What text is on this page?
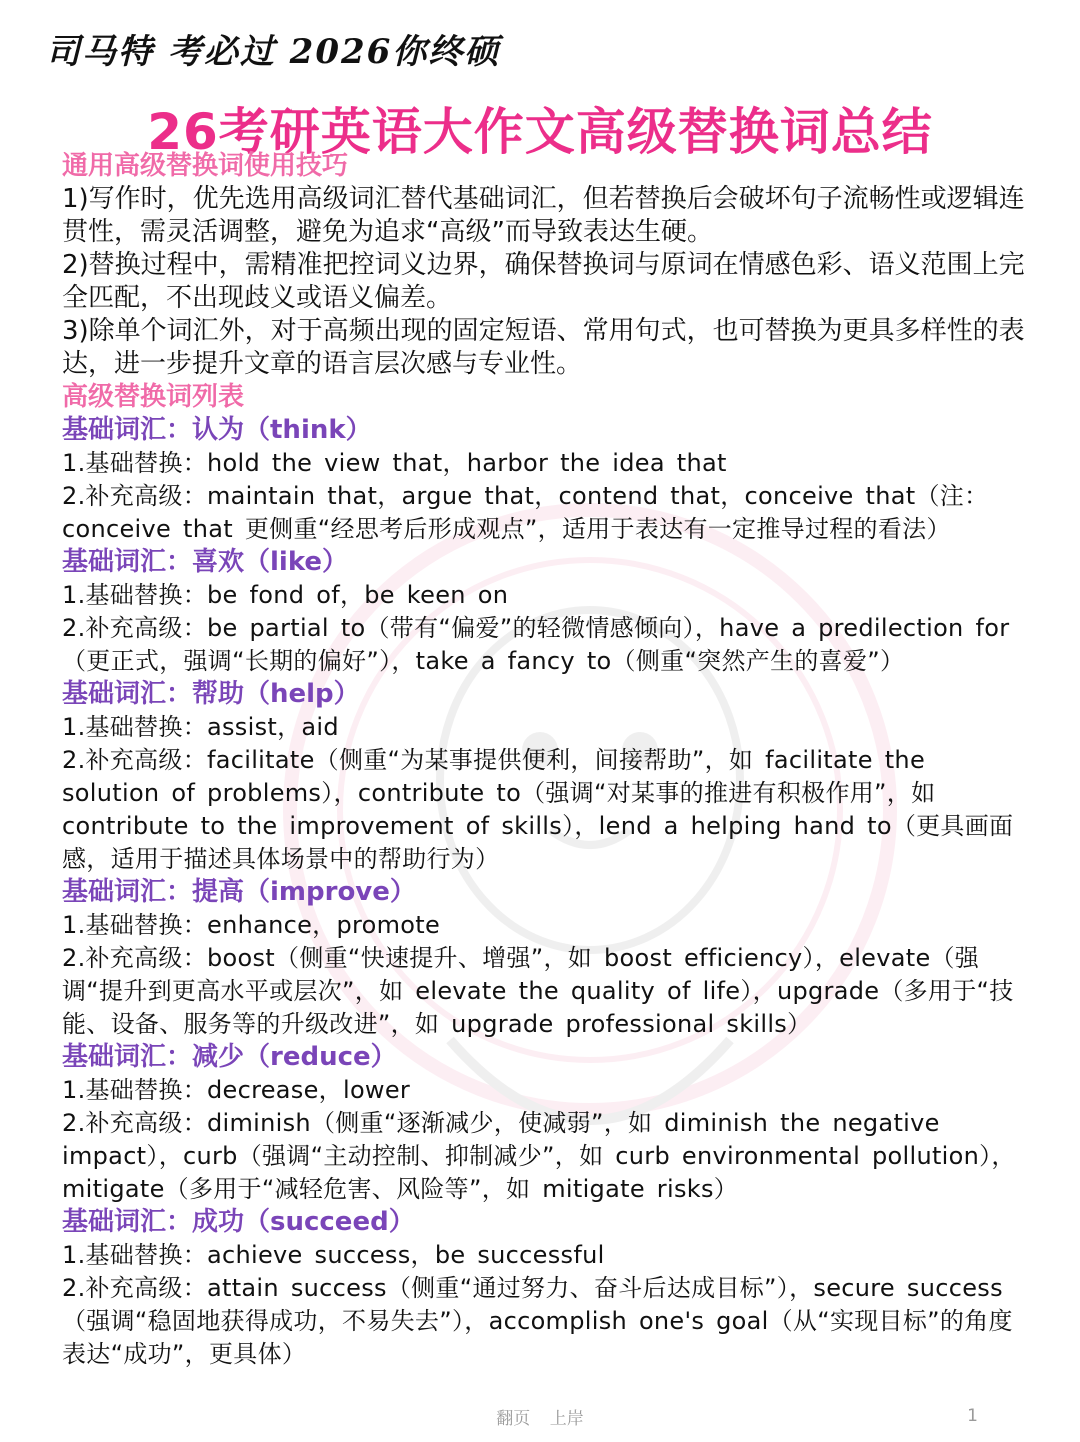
司马特 考必过 2026你终硕
26考研英语大作文高级替换词总结
通用高级替换词使用技巧
1)写作时，优先选用高级词汇替代基础词汇，但若替换后会破坏句子流畅性或逻辑连贯性，需灵活调整，避免为追求“高级”而导致表达生硬。
2)替换过程中，需精准把控词义边界，确保替换词与原词在情感色彩、语义范围上完全匹配，不出现歧义或语义偏差。
3)除单个词汇外，对于高频出现的固定短语、常用句式，也可替换为更具多样性的表达，进一步提升文章的语言层次感与专业性。
高级替换词列表
基础词汇：认为（think）
1.基础替换：hold the view that，harbor the idea that
2.补充高级：maintain that，argue that，contend that，conceive that（注：conceive that 更侧重“经思考后形成观点”，适用于表达有一定推导过程的看法）
基础词汇：喜欢（like）
1.基础替换：be fond of，be keen on
2.补充高级：be partial to（带有“偏爱”的轻微情感倾向），have a predilection for（更正式，强调“长期的偏好”），take a fancy to（侧重“突然产生的喜爱”）
基础词汇：帮助（help）
1.基础替换：assist，aid
2.补充高级：facilitate（侧重“为某事提供便利，间接帮助”，如 facilitate the solution of problems），contribute to（强调“对某事的推进有积极作用”，如 contribute to the improvement of skills），lend a helping hand to（更具画面感，适用于描述具体场景中的帮助行为）
基础词汇：提高（improve）
1.基础替换：enhance，promote
2.补充高级：boost（侧重“快速提升、增强”，如 boost efficiency），elevate（强调“提升到更高水平或层次”，如 elevate the quality of life），upgrade（多用于“技能、设备、服务等的升级改进”，如 upgrade professional skills）
基础词汇：减少（reduce）
1.基础替换：decrease，lower
2.补充高级：diminish（侧重“逐渐减少，使减弱”，如 diminish the negative impact），curb（强调“主动控制、抑制减少”，如 curb environmental pollution），mitigate（多用于“减轻危害、风险等”，如 mitigate risks）
基础词汇：成功（succeed）
1.基础替换：achieve success，be successful
2.补充高级：attain success（侧重“通过努力、奋斗后达成目标”），secure success（强调“稳固地获得成功，不易失去”），accomplish one's goal（从“实现目标”的角度表达“成功”，更具体）
翻页 上岸	1
